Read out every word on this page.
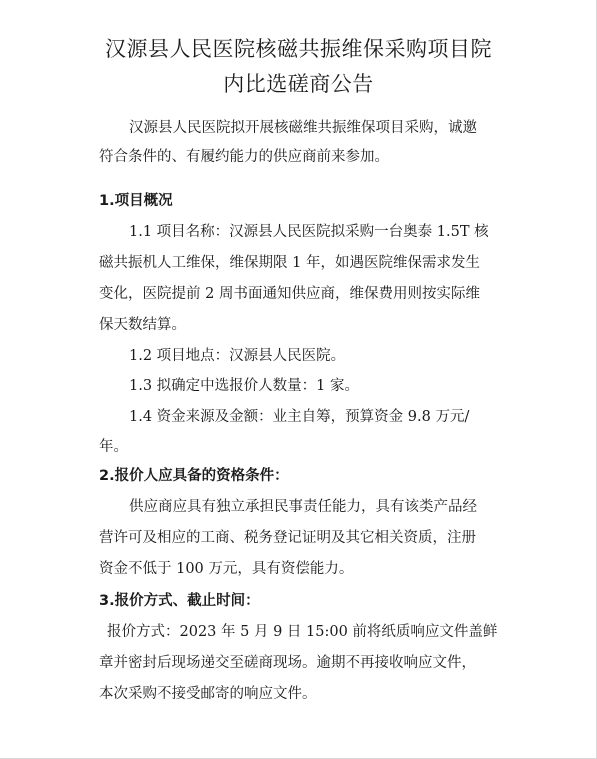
汉源县人民医院核磁共振维保采购项目院
内比选磋商公告

汉源县人民医院拟开展核磁维共振维保项目采购，诚邀

符合条件的、有履约能力的供应商前来参加。

1.项目概况

1.1 项目名称：汉源县人民医院拟采购一台奥泰 1.5T 核

磁共振机人工维保，维保期限 1 年，如遇医院维保需求发生

变化，医院提前 2 周书面通知供应商，维保费用则按实际维

保天数结算。

1.2 项目地点：汉源县人民医院。

1.3 拟确定中选报价人数量：1 家。

1.4 资金来源及金额：业主自筹，预算资金 9.8 万元/

年。

2.报价人应具备的资格条件：

供应商应具有独立承担民事责任能力，具有该类产品经

营许可及相应的工商、税务登记证明及其它相关资质，注册

资金不低于 100 万元，具有资偿能力。

3.报价方式、截止时间：

报价方式：2023 年 5 月 9 日 15:00 前将纸质响应文件盖鲜

章并密封后现场递交至磋商现场。逾期不再接收响应文件，

本次采购不接受邮寄的响应文件。
